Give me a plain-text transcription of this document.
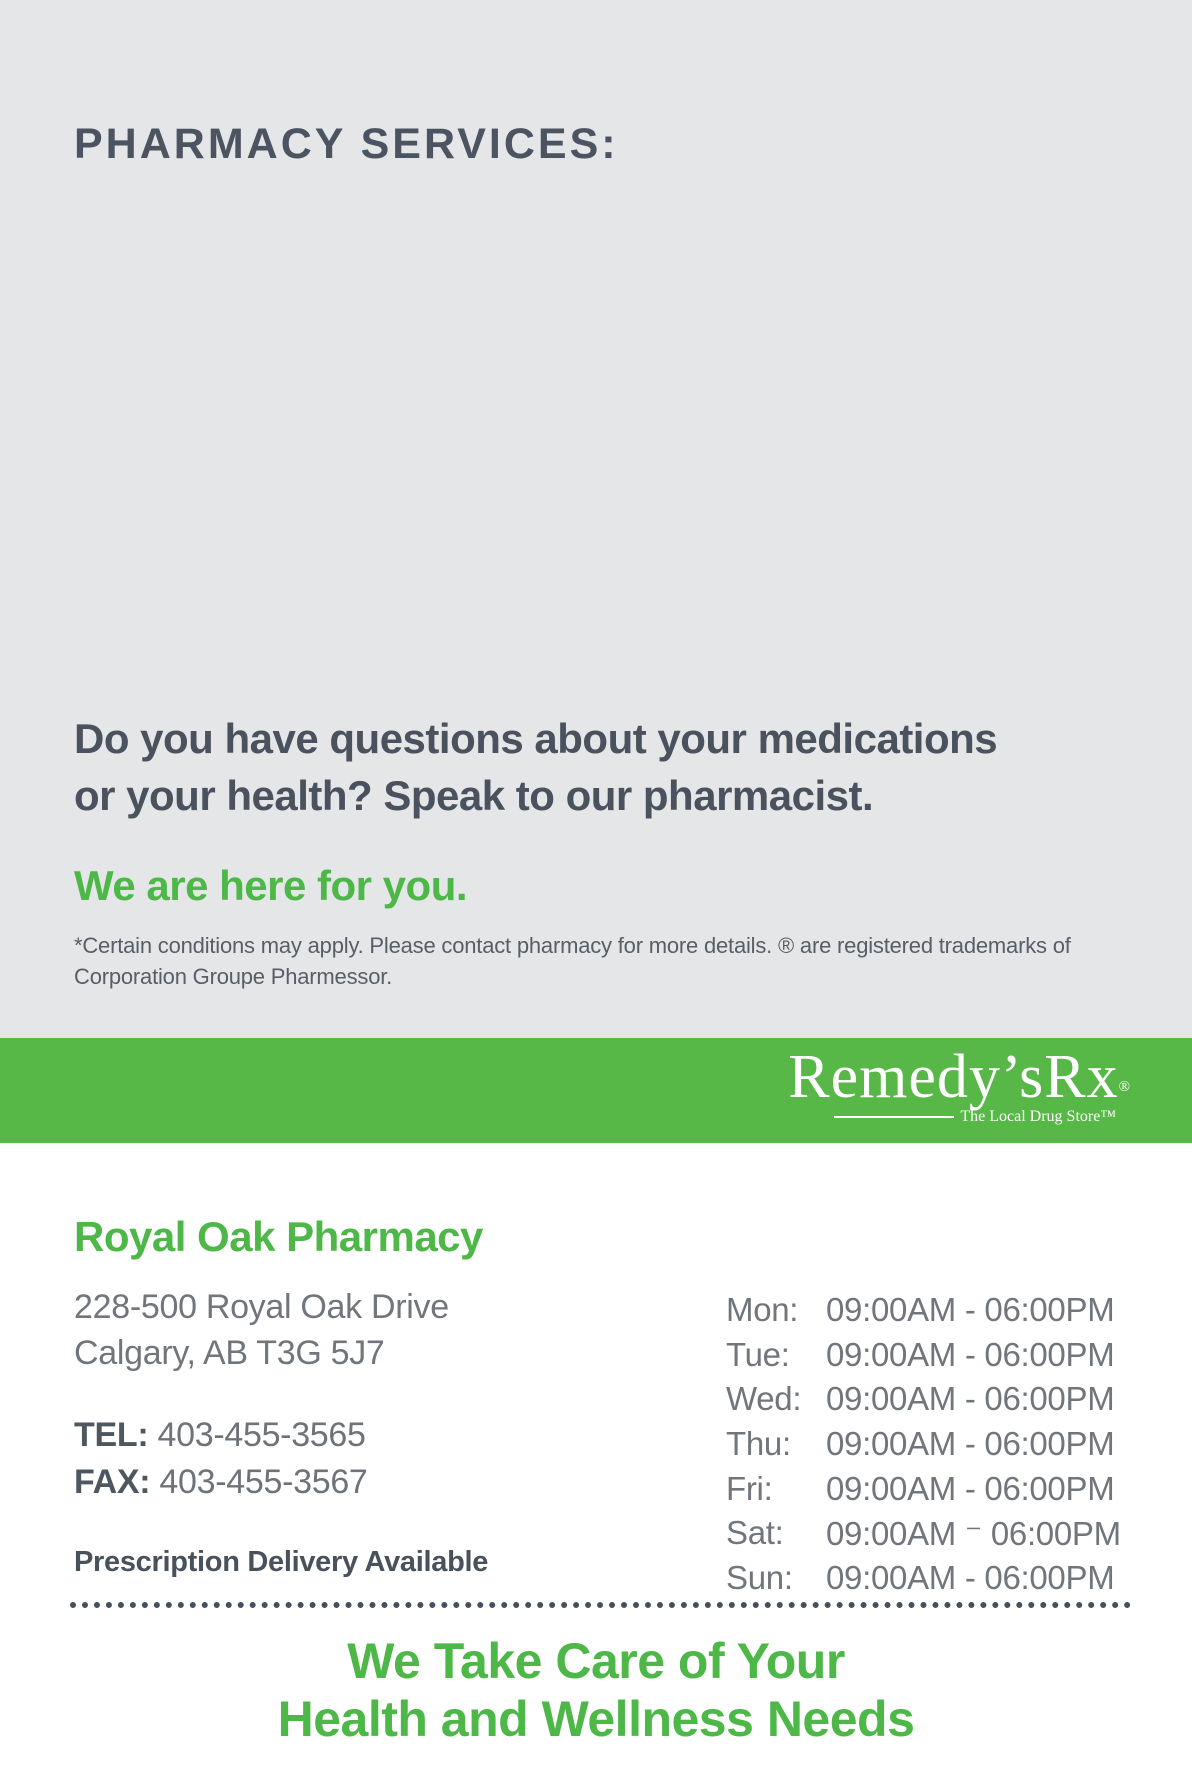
PHARMACY SERVICES:
Do you have questions about your medications
or your health? Speak to our pharmacist.
We are here for you.
*Certain conditions may apply. Please contact pharmacy for more details. ® are registered trademarks of
Corporation Groupe Pharmessor.
Remedy’sRx®
The Local Drug Store™
Royal Oak Pharmacy
228-500 Royal Oak Drive
Calgary, AB T3G 5J7
TEL: 403-455-3565
FAX: 403-455-3567
Prescription Delivery Available
Mon: 09:00AM - 06:00PM
Tue:	09:00AM - 06:00PM
Wed: 09:00AM - 06:00PM
Thu:	09:00AM - 06:00PM
Fri:	09:00AM - 06:00PM
Sat:	09:00AM ⁻ 06:00PM
Sun:	09:00AM - 06:00PM
We Take Care of Your
Health and Wellness Needs
